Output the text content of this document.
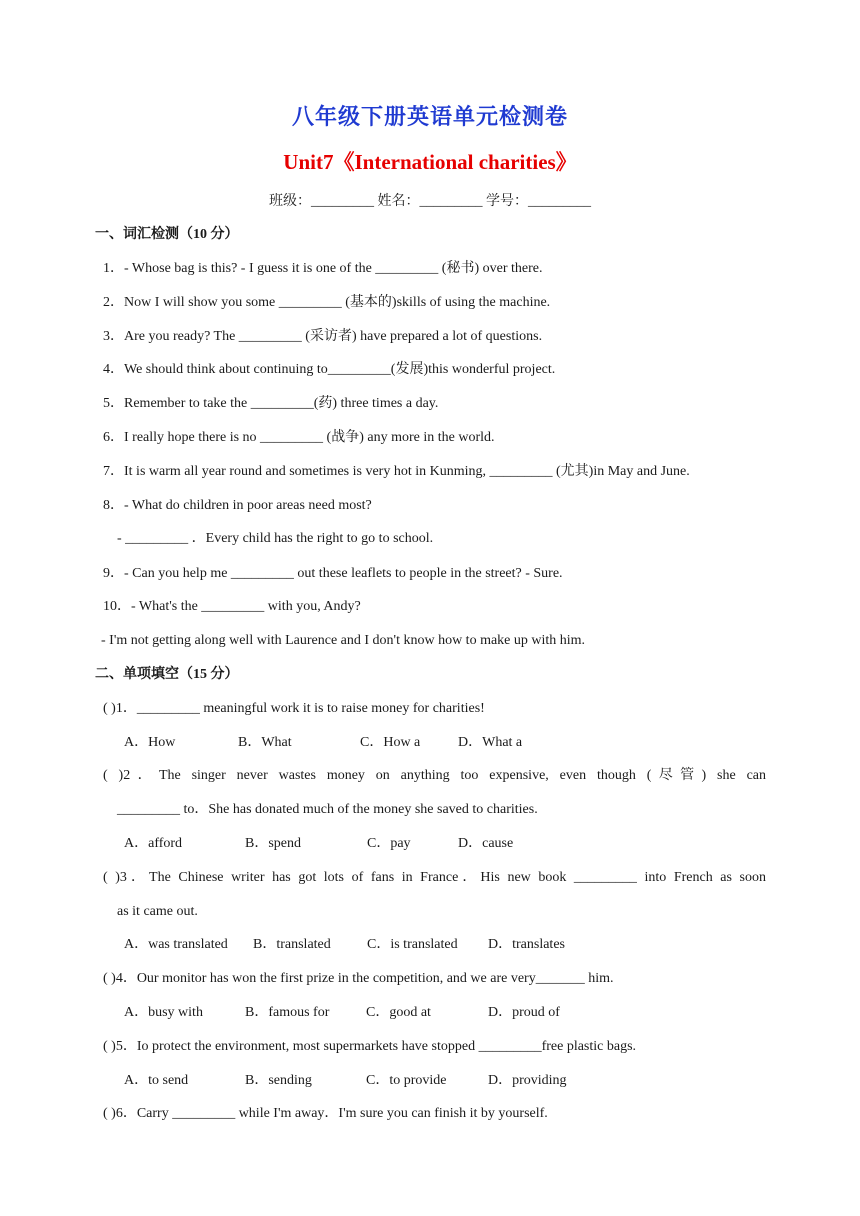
八年级下册英语单元检测卷
Unit7《International charities》
班级：_________ 姓名：_________ 学号：_________
一、词汇检测（10 分）
1．- Whose bag is this? - I guess it is one of the _________ (秘书) over there.
2．Now I will show you some _________ (基本的)skills of using the machine.
3．Are you ready? The _________ (采访者) have prepared a lot of questions.
4．We should think about continuing to_________(发展)this wonderful project.
5．Remember to take the _________(药) three times a day.
6．I really hope there is no _________ (战争) any more in the world.
7．It is warm all year round and sometimes is very hot in Kunming, _________ (尤其)in May and June.
8．- What do children in poor areas need most?
- _________ ．Every child has the right to go to school.
9．- Can you help me _________ out these leaflets to people in the street? - Sure.
10．- What's the _________ with you, Andy?
- I'm not getting along well with Laurence and I don't know how to make up with him.
二、单项填空（15 分）
( )1．_________ meaningful work it is to raise money for charities!
A．How	B．What	C．How a	D．What a
( )2．The singer never wastes money on anything too expensive, even though (尽管) she can
_________ to．She has donated much of the money she saved to charities.
A．afford	B．spend	C．pay	D．cause
( )3．The Chinese writer has got lots of fans in France．His new book _________ into French as soon
as it came out.
A．was translated B．translated	C．is translated D．translates
( )4．Our monitor has won the first prize in the competition, and we are very_______ him.
A．busy with	B．famous for	C．good at	D．proud of
( )5．Io protect the environment, most supermarkets have stopped _________free plastic bags.
A．to send	B．sending	C．to provide	D．providing
( )6．Carry _________ while I'm away．I'm sure you can finish it by yourself.
